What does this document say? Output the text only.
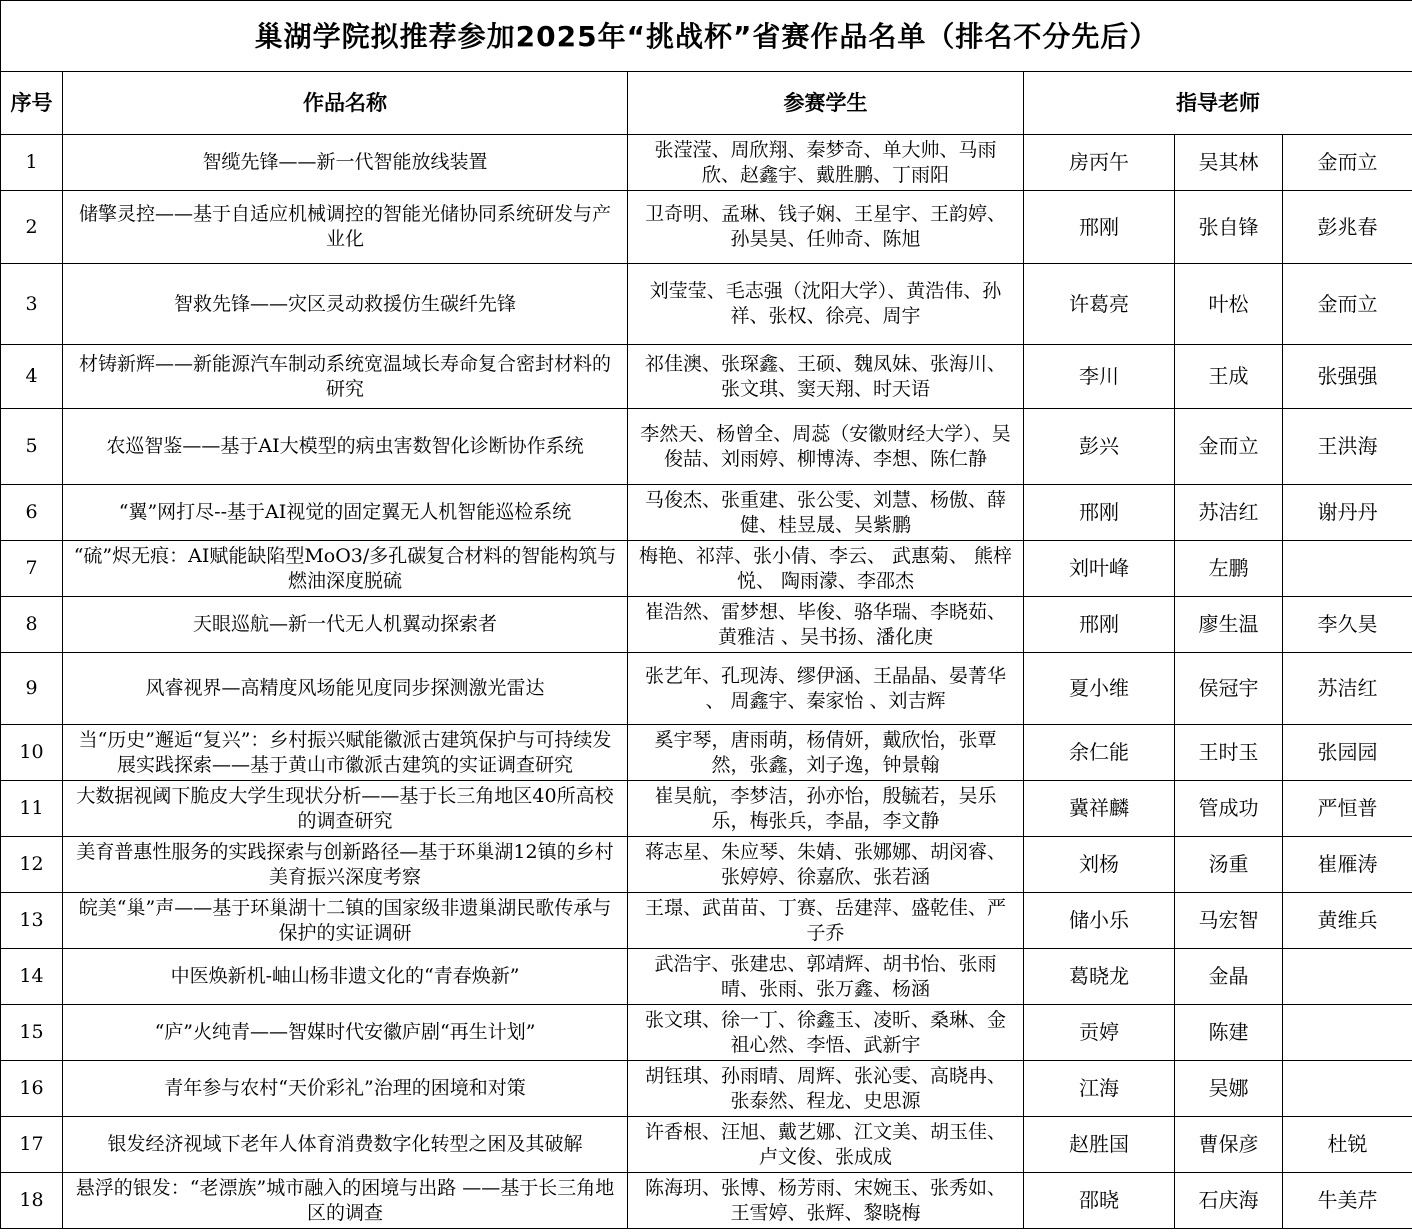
巢湖学院拟推荐参加2025年“挑战杯”省赛作品名单（排名不分先后）					
序号	作品名称	参赛学生	指导老师		
1	智缆先锋——新一代智能放线装置	张滢滢、周欣翔、秦梦奇、单大帅、马雨欣、赵鑫宇、戴胜鹏、丁雨阳	房丙午	吴其林	金而立
2	储擎灵控——基于自适应机械调控的智能光储协同系统研发与产业化	卫奇明、孟琳、钱子娴、王星宇、王韵婷、孙昊昊、任帅奇、陈旭	邢刚	张自锋	彭兆春
3	智救先锋——灾区灵动救援仿生碳纤先锋	刘莹莹、毛志强（沈阳大学）、黄浩伟、孙祥、张权、徐亮、周宇	许葛亮	叶松	金而立
4	材铸新辉——新能源汽车制动系统宽温域长寿命复合密封材料的研究	祁佳澳、张琛鑫、王硕、魏凤妹、张海川、张文琪、窦天翔、时天语	李川	王成	张强强
5	农巡智鉴——基于AI大模型的病虫害数智化诊断协作系统	李然天、杨曾全、周蕊（安徽财经大学）、吴俊喆、刘雨婷、柳博涛、李想、陈仁静	彭兴	金而立	王洪海
6	“翼”网打尽--基于AI视觉的固定翼无人机智能巡检系统	马俊杰、张重建、张公雯、刘慧、杨傲、薛健、桂昱晟、吴紫鹏	邢刚	苏洁红	谢丹丹
7	“硫”烬无痕：AI赋能缺陷型MoO3/多孔碳复合材料的智能构筑与燃油深度脱硫	梅艳、祁萍、张小倩、李云、 武惠菊、 熊梓悦、 陶雨濛、李邵杰	刘叶峰	左鹏	
8	天眼巡航—新一代无人机翼动探索者	崔浩然、雷梦想、毕俊、骆华瑞、李晓茹、黄雅洁 、吴书扬、潘化庚	邢刚	廖生温	李久昊
9	风睿视界—高精度风场能见度同步探测激光雷达	张艺年、孔现涛、缪伊涵、王晶晶、晏菁华 、 周鑫宇、秦家怡 、刘吉辉	夏小维	侯冠宇	苏洁红
10	当“历史”邂逅“复兴”：乡村振兴赋能徽派古建筑保护与可持续发展实践探索——基于黄山市徽派古建筑的实证调查研究	奚宇琴，唐雨萌，杨倩妍，戴欣怡，张覃然，张鑫，刘子逸，钟景翰	余仁能	王时玉	张园园
11	大数据视阈下脆皮大学生现状分析——基于长三角地区40所高校的调查研究	崔昊航，李梦洁，孙亦怡，殷毓若，吴乐乐，梅张兵，李晶，李文静	冀祥麟	管成功	严恒普
12	美育普惠性服务的实践探索与创新路径—基于环巢湖12镇的乡村美育振兴深度考察	蒋志星、朱应琴、朱婧、张娜娜、胡闵睿、张婷婷、徐嘉欣、张若涵	刘杨	汤重	崔雁涛
13	皖美“巢”声——基于环巢湖十二镇的国家级非遗巢湖民歌传承与保护的实证调研	王璟、武苗苗、丁赛、岳建萍、盛乾佳、严子乔	储小乐	马宏智	黄维兵
14	中医焕新机-岫山杨非遗文化的“青春焕新”	武浩宇、张建忠、郭靖辉、胡书怡、张雨晴、张雨、张万鑫、杨涵	葛晓龙	金晶	
15	“庐”火纯青——智媒时代安徽庐剧“再生计划”	张文琪、徐一丁、徐鑫玉、凌昕、桑琳、金祖心然、李悟、武新宇	贡婷	陈建	
16	青年参与农村“天价彩礼”治理的困境和对策	胡钰琪、孙雨晴、周辉、张沁雯、高晓冉、张泰然、程龙、史思源	江海	吴娜	
17	银发经济视域下老年人体育消费数字化转型之困及其破解	许香根、汪旭、戴艺娜、江文美、胡玉佳、卢文俊、张成成	赵胜国	曹保彦	杜锐
18	悬浮的银发：“老漂族”城市融入的困境与出路 ——基于长三角地区的调查	陈海玥、张博、杨芳雨、宋婉玉、张秀如、王雪婷、张辉、黎晓梅	邵晓	石庆海	牛美芹
